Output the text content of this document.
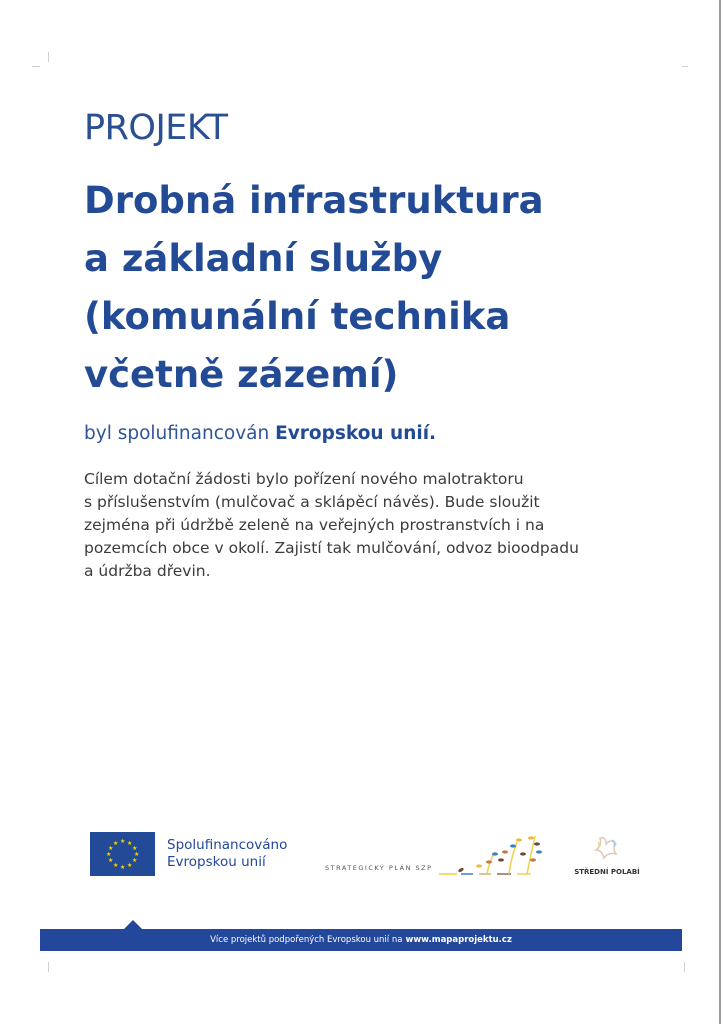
PROJEKT
Drobná infrastruktura
a základní služby
(komunální technika
včetně zázemí)
byl spolufinancován Evropskou unií.
Cílem dotační žádosti bylo pořízení nového malotraktoru
s příslušenstvím (mulčovač a sklápěcí návěs). Bude sloužit
zejména při údržbě zeleně na veřejných prostranstvích i na
pozemcích obce v okolí. Zajistí tak mulčování, odvoz bioodpadu
a údržba dřevin.
★ ★
★
★
★
★
★
★
★
★
★
★	Spolufinancováno
Evropskou unií	STRATEGICKÝ PLÁN SZP	STŘEDNÍ POLABÍ
Více projektů podpořených Evropskou unií na www.mapaprojektu.cz
